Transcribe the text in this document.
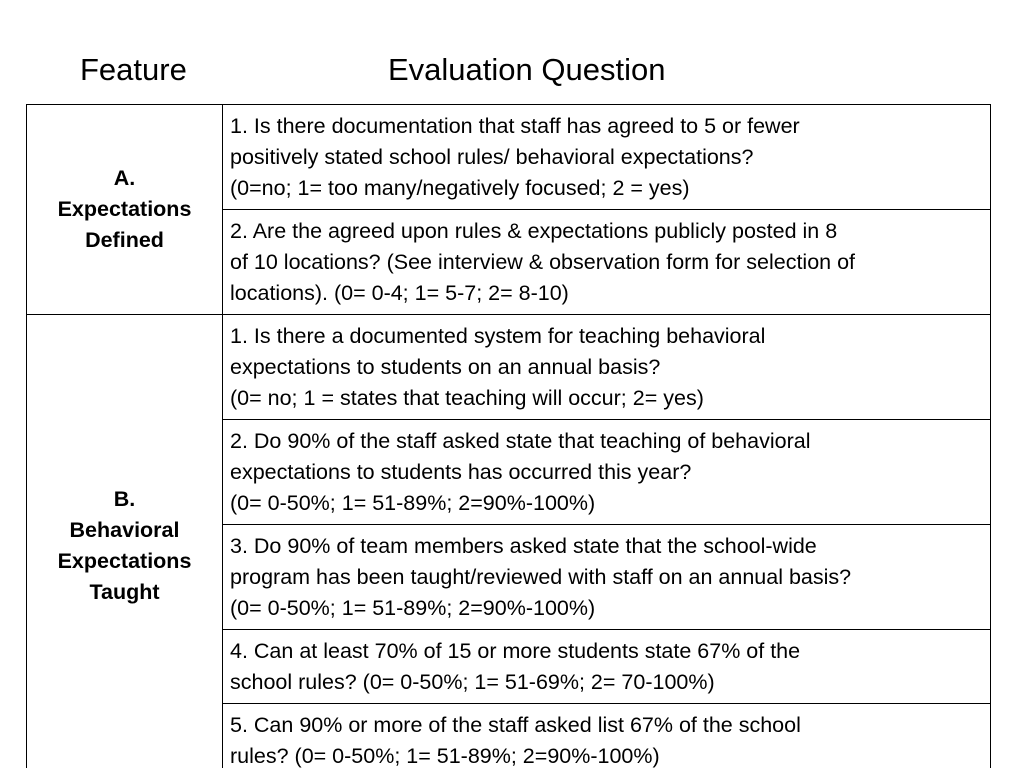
Feature	Evaluation Question
A.
Expectations
Defined	1. Is there documentation that staff has agreed to 5 or fewer
positively stated school rules/ behavioral expectations?
(0=no; 1= too many/negatively focused; 2 = yes)

	2. Are the agreed upon rules & expectations publicly posted in 8
of 10 locations? (See interview & observation form for selection of
locations). (0= 0-4; 1= 5-7; 2= 8-10)

B.
Behavioral
Expectations
Taught	1. Is there a documented system for teaching behavioral
expectations to students on an annual basis?
(0= no; 1 = states that teaching will occur; 2= yes)

	2. Do 90% of the staff asked state that teaching of behavioral
expectations to students has occurred this year?
(0= 0-50%; 1= 51-89%; 2=90%-100%)

	3. Do 90% of team members asked state that the school-wide
program has been taught/reviewed with staff on an annual basis?
(0= 0-50%; 1= 51-89%; 2=90%-100%)

	4. Can at least 70% of 15 or more students state 67% of the
school rules? (0= 0-50%; 1= 51-69%; 2= 70-100%)

	5. Can 90% or more of the staff asked list 67% of the school
rules? (0= 0-50%; 1= 51-89%; 2=90%-100%)
